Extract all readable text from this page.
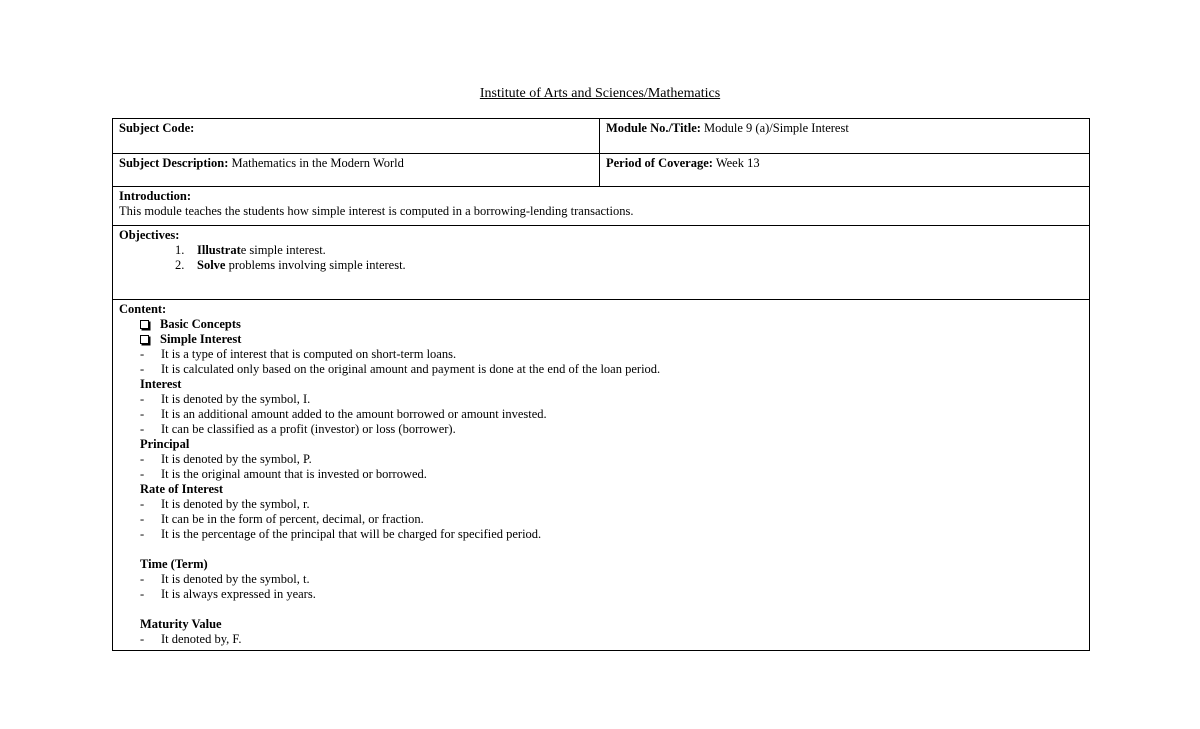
Institute of Arts and Sciences/Mathematics
Subject Code:	Module No./Title: Module 9 (a)/Simple Interest
Subject Description: Mathematics in the Modern World	Period of Coverage: Week 13
Introduction:
This module teaches the students how simple interest is computed in a borrowing-lending transactions.
Objectives:
1.	Illustrate simple interest.
2.	Solve problems involving simple interest.
Content:
Basic Concepts
Simple Interest
-	It is a type of interest that is computed on short-term loans.
-	It is calculated only based on the original amount and payment is done at the end of the loan period.
Interest
-	It is denoted by the symbol, I.
-	It is an additional amount added to the amount borrowed or amount invested.
-	It can be classified as a profit (investor) or loss (borrower).
Principal
-	It is denoted by the symbol, P.
-	It is the original amount that is invested or borrowed.
Rate of Interest
-	It is denoted by the symbol, r.
-	It can be in the form of percent, decimal, or fraction.
-	It is the percentage of the principal that will be charged for specified period.
Time (Term)
-	It is denoted by the symbol, t.
-	It is always expressed in years.
Maturity Value
-	It denoted by, F.
